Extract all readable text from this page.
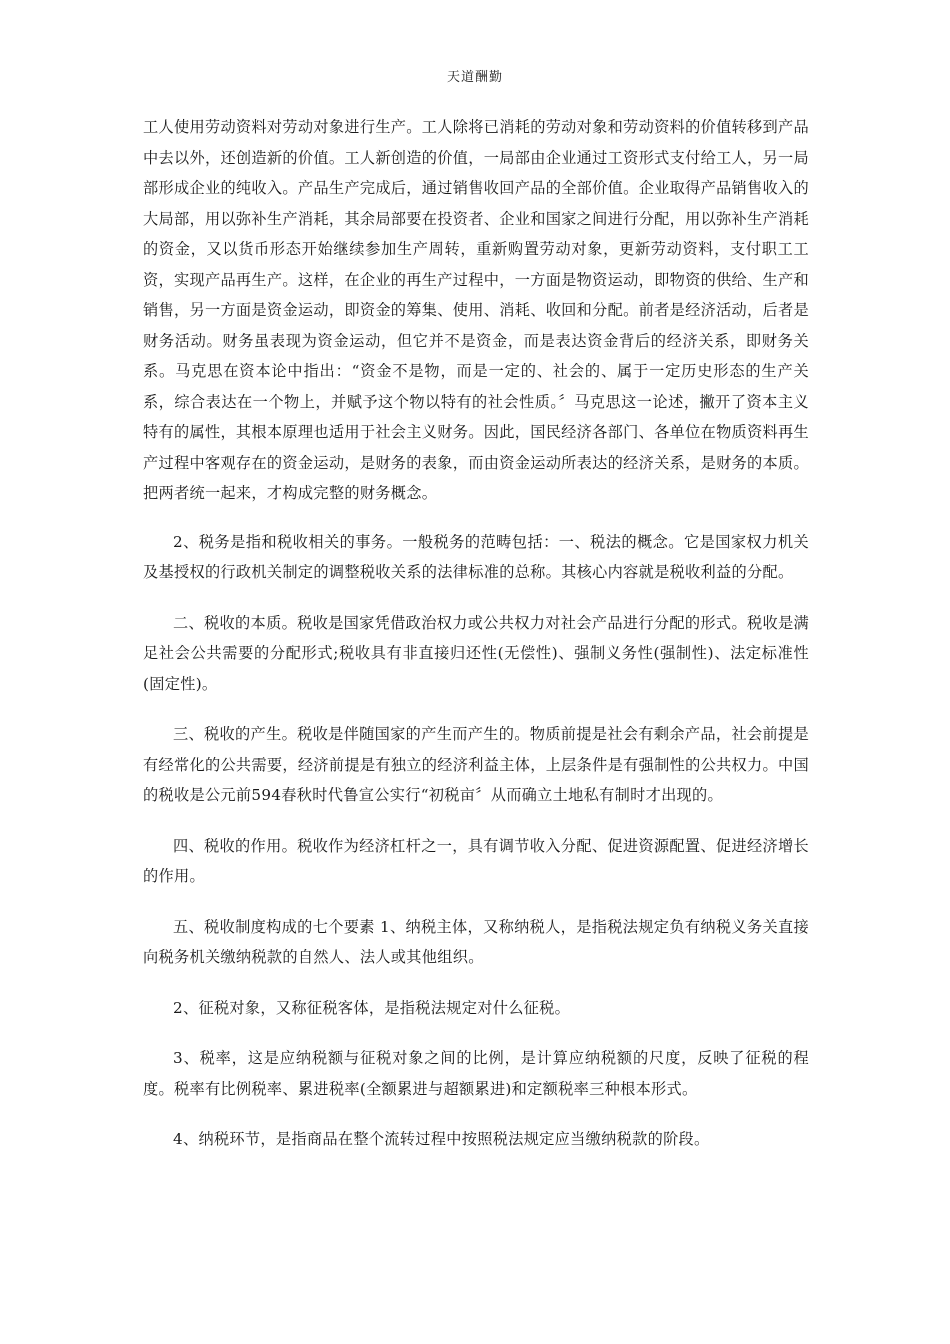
天道酬勤

工人使用劳动资料对劳动对象进行生产。工人除将已消耗的劳动对象和劳动资料的价值转移到产品中去以外，还创造新的价值。工人新创造的价值，一局部由企业通过工资形式支付给工人，另一局部形成企业的纯收入。产品生产完成后，通过销售收回产品的全部价值。企业取得产品销售收入的大局部，用以弥补生产消耗，其余局部要在投资者、企业和国家之间进行分配，用以弥补生产消耗的资金，又以货币形态开始继续参加生产周转，重新购置劳动对象，更新劳动资料，支付职工工资，实现产品再生产。这样，在企业的再生产过程中，一方面是物资运动，即物资的供给、生产和销售，另一方面是资金运动，即资金的筹集、使用、消耗、收回和分配。前者是经济活动，后者是财务活动。财务虽表现为资金运动，但它并不是资金，而是表达资金背后的经济关系，即财务关系。马克思在资本论中指出：“资金不是物，而是一定的、社会的、属于一定历史形态的生产关系，综合表达在一个物上，并赋予这个物以特有的社会性质。〞马克思这一论述，撇开了资本主义特有的属性，其根本原理也适用于社会主义财务。因此，国民经济各部门、各单位在物质资料再生产过程中客观存在的资金运动，是财务的表象，而由资金运动所表达的经济关系，是财务的本质。把两者统一起来，才构成完整的财务概念。

2、税务是指和税收相关的事务。一般税务的范畴包括：一、税法的概念。它是国家权力机关及基授权的行政机关制定的调整税收关系的法律标准的总称。其核心内容就是税收利益的分配。

二、税收的本质。税收是国家凭借政治权力或公共权力对社会产品进行分配的形式。税收是满足社会公共需要的分配形式;税收具有非直接归还性(无偿性)、强制义务性(强制性)、法定标准性(固定性)。

三、税收的产生。税收是伴随国家的产生而产生的。物质前提是社会有剩余产品，社会前提是有经常化的公共需要，经济前提是有独立的经济利益主体，上层条件是有强制性的公共权力。中国的税收是公元前594春秋时代鲁宣公实行“初税亩〞从而确立土地私有制时才出现的。

四、税收的作用。税收作为经济杠杆之一，具有调节收入分配、促进资源配置、促进经济增长的作用。

五、税收制度构成的七个要素 1、纳税主体，又称纳税人，是指税法规定负有纳税义务关直接向税务机关缴纳税款的自然人、法人或其他组织。

2、征税对象，又称征税客体，是指税法规定对什么征税。

3、税率，这是应纳税额与征税对象之间的比例，是计算应纳税额的尺度，反映了征税的程度。税率有比例税率、累进税率(全额累进与超额累进)和定额税率三种根本形式。

4、纳税环节，是指商品在整个流转过程中按照税法规定应当缴纳税款的阶段。
